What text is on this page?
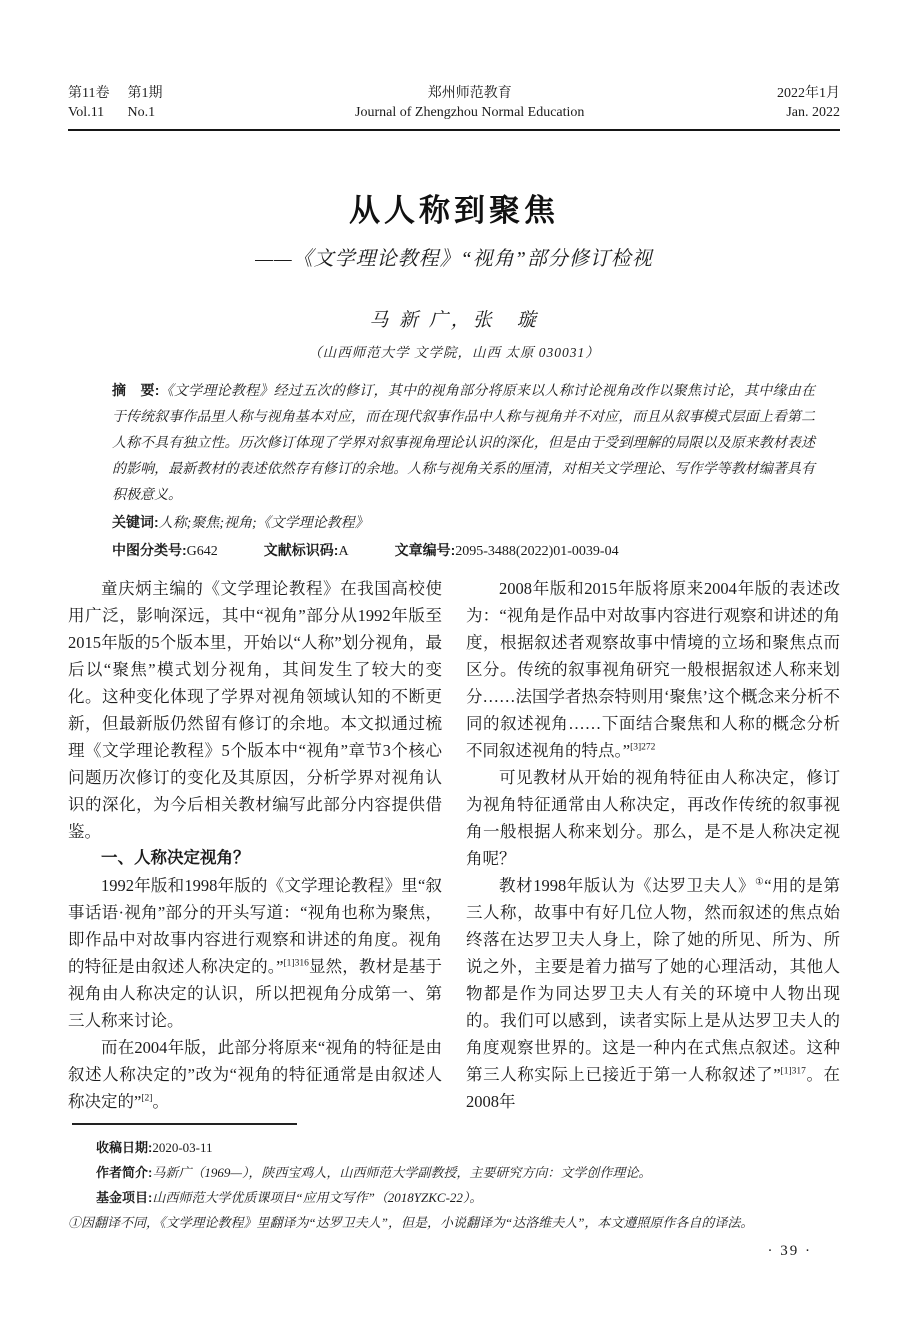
第11卷 第1期
Vol.11	No.1
郑州师范教育
Journal of Zhengzhou Normal Education
2022年1月
Jan. 2022
从人称到聚焦
——《文学理论教程》“视角”部分修订检视
马 新 广，张　璇
（山西师范大学 文学院，山西 太原 030031）

摘　要:《文学理论教程》经过五次的修订，其中的视角部分将原来以人称讨论视角改作以聚焦讨论，其中缘由在于传统叙事作品里人称与视角基本对应，而在现代叙事作品中人称与视角并不对应，而且从叙事模式层面上看第二人称不具有独立性。历次修订体现了学界对叙事视角理论认识的深化，但是由于受到理解的局限以及原来教材表述的影响，最新教材的表述依然存有修订的余地。人称与视角关系的厘清，对相关文学理论、写作学等教材编著具有积极意义。

关键词:人称;聚焦;视角;《文学理论教程》

中图分类号:G642	文献标识码:A	文章编号:2095-3488(2022)01-0039-04

童庆炳主编的《文学理论教程》在我国高校使用广泛，影响深远，其中“视角”部分从1992年版至2015年版的5个版本里，开始以“人称”划分视角，最后以“聚焦”模式划分视角，其间发生了较大的变化。这种变化体现了学界对视角领域认知的不断更新，但最新版仍然留有修订的余地。本文拟通过梳理《文学理论教程》5个版本中“视角”章节3个核心问题历次修订的变化及其原因，分析学界对视角认识的深化，为今后相关教材编写此部分内容提供借鉴。

一、人称决定视角？

1992年版和1998年版的《文学理论教程》里“叙事话语·视角”部分的开头写道：“视角也称为聚焦，即作品中对故事内容进行观察和讲述的角度。视角的特征是由叙述人称决定的。”$^{[1]316}$显然，教材是基于视角由人称决定的认识，所以把视角分成第一、第三人称来讨论。

而在2004年版，此部分将原来“视角的特征是由叙述人称决定的”改为“视角的特征通常是由叙述人称决定的”[2]。

2008年版和2015年版将原来2004年版的表述改为：“视角是作品中对故事内容进行观察和讲述的角度，根据叙述者观察故事中情境的立场和聚焦点而区分。传统的叙事视角研究一般根据叙述人称来划分……法国学者热奈特则用‘聚焦’这个概念来分析不同的叙述视角……下面结合聚焦和人称的概念分析不同叙述视角的特点。”$^{[3]272}$

可见教材从开始的视角特征由人称决定，修订为视角特征通常由人称决定，再改作传统的叙事视角一般根据人称来划分。那么，是不是人称决定视角呢？

教材1998年版认为《达罗卫夫人》①“用的是第三人称，故事中有好几位人物，然而叙述的焦点始终落在达罗卫夫人身上，除了她的所见、所为、所说之外，主要是着力描写了她的心理活动，其他人物都是作为同达罗卫夫人有关的环境中人物出现的。我们可以感到，读者实际上是从达罗卫夫人的角度观察世界的。这是一种内在式焦点叙述。这种第三人称实际上已接近于第一人称叙述了”$^{[1]317}$。在2008年

收稿日期:2020-03-11

作者简介:马新广（1969—），陕西宝鸡人，山西师范大学副教授，主要研究方向：文学创作理论。

基金项目:山西师范大学优质课项目“应用文写作”（2018YZKC-22）。

①因翻译不同，《文学理论教程》里翻译为“达罗卫夫人”，但是，小说翻译为“达洛维夫人”，本文遵照原作各自的译法。

· 39 ·
